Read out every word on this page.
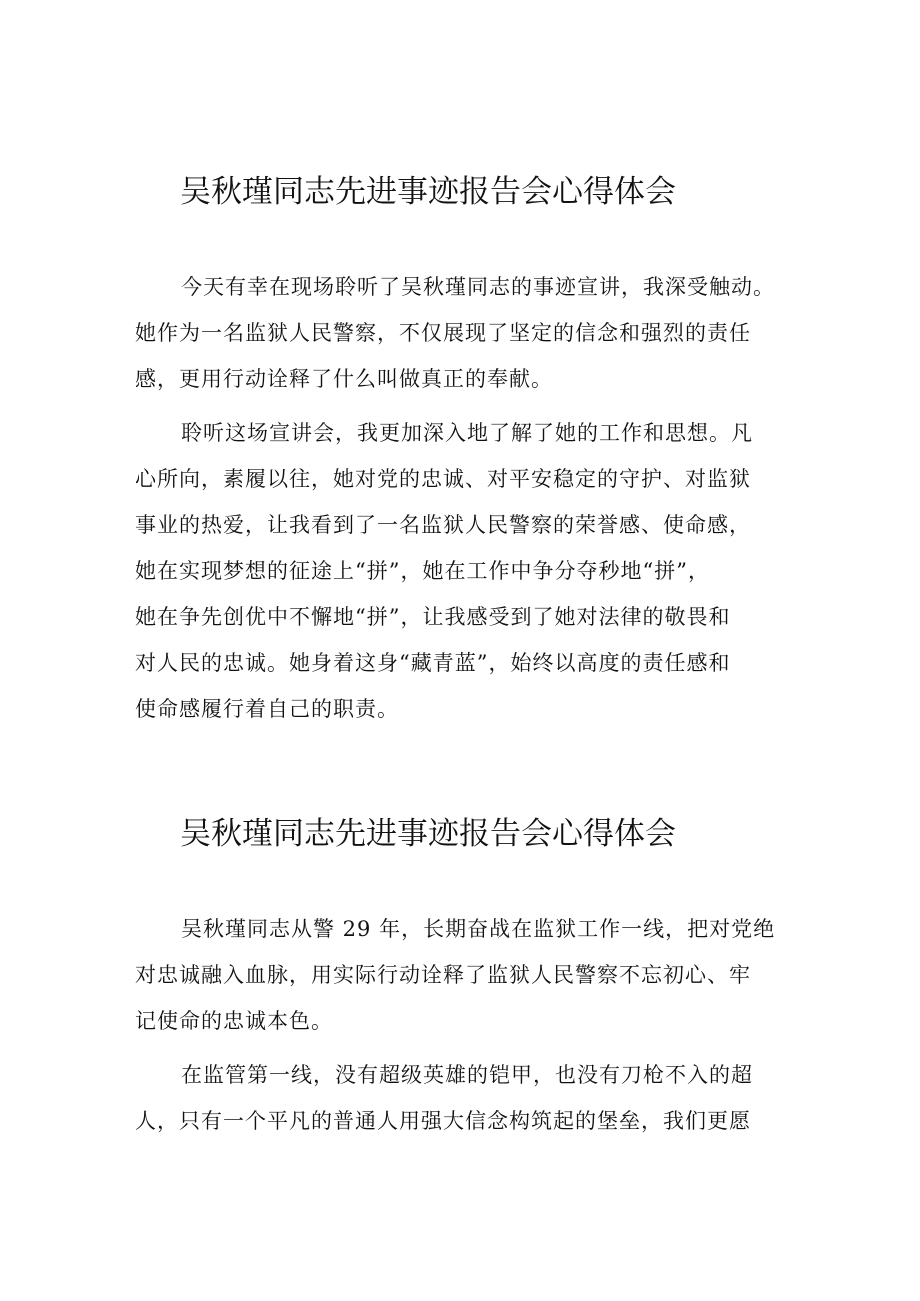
吴秋瑾同志先进事迹报告会心得体会
今天有幸在现场聆听了吴秋瑾同志的事迹宣讲，我深受触动。
她作为一名监狱人民警察，不仅展现了坚定的信念和强烈的责任
感，更用行动诠释了什么叫做真正的奉献。
聆听这场宣讲会，我更加深入地了解了她的工作和思想。凡
心所向，素履以往，她对党的忠诚、对平安稳定的守护、对监狱
事业的热爱，让我看到了一名监狱人民警察的荣誉感、使命感，
她在实现梦想的征途上“拼”，她在工作中争分夺秒地“拼”，
她在争先创优中不懈地“拼”，让我感受到了她对法律的敬畏和
对人民的忠诚。她身着这身“藏青蓝”，始终以高度的责任感和
使命感履行着自己的职责。
吴秋瑾同志先进事迹报告会心得体会
吴秋瑾同志从警 29 年，长期奋战在监狱工作一线，把对党绝
对忠诚融入血脉，用实际行动诠释了监狱人民警察不忘初心、牢
记使命的忠诚本色。
在监管第一线，没有超级英雄的铠甲，也没有刀枪不入的超
人，只有一个平凡的普通人用强大信念构筑起的堡垒，我们更愿
